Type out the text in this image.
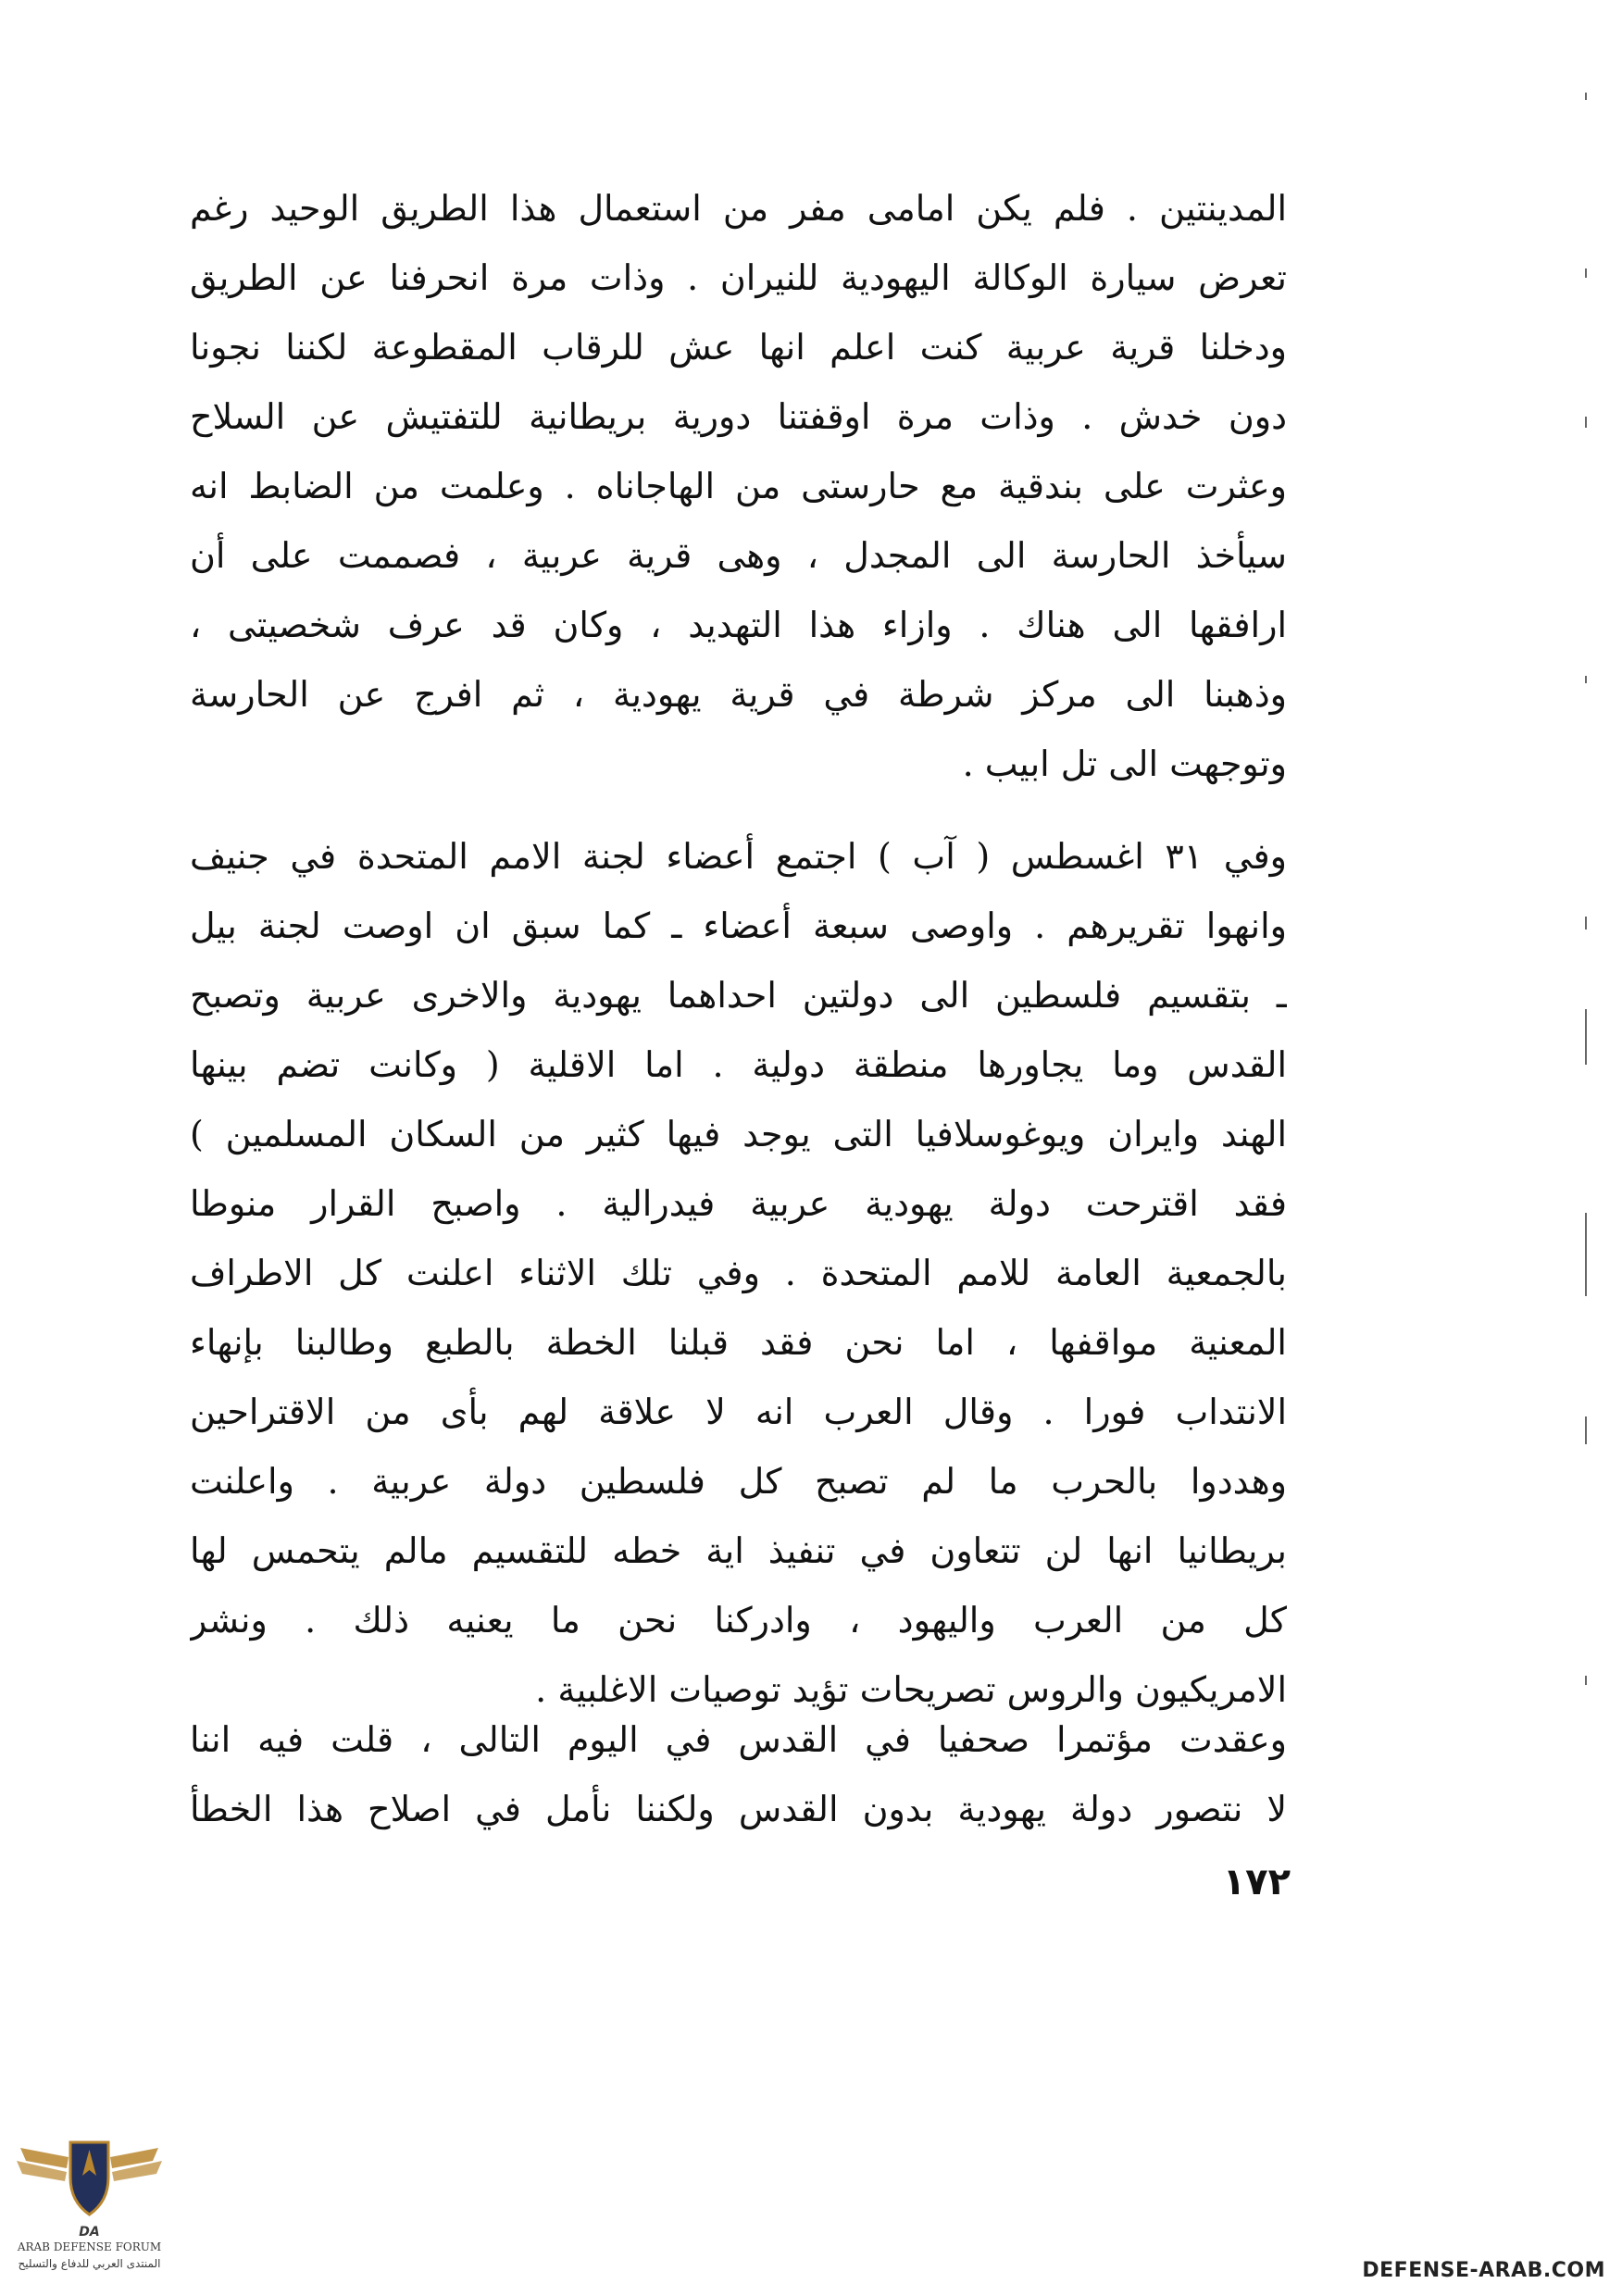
المدينتين . فلم يكن امامى مفر من استعمال هذا الطريق الوحيد رغم
تعرض سيارة الوكالة اليهودية للنيران . وذات مرة انحرفنا عن الطريق
ودخلنا قرية عربية كنت اعلم انها عش للرقاب المقطوعة لكننا نجونا
دون خدش . وذات مرة اوقفتنا دورية بريطانية للتفتيش عن السلاح
وعثرت على بندقية مع حارستى من الهاجاناه . وعلمت من الضابط انه
سيأخذ الحارسة الى المجدل ، وهى قرية عربية ، فصممت على أن
ارافقها الى هناك . وازاء هذا التهديد ، وكان قد عرف شخصيتى ،
وذهبنا الى مركز شرطة في قرية يهودية ، ثم افرج عن الحارسة
وتوجهت الى تل ابيب .
وفي ٣١ اغسطس ( آب ) اجتمع أعضاء لجنة الامم المتحدة في جنيف
وانهوا تقريرهم . واوصى سبعة أعضاء ـ كما سبق ان اوصت لجنة بيل
ـ بتقسيم فلسطين الى دولتين احداهما يهودية والاخرى عربية وتصبح
القدس وما يجاورها منطقة دولية . اما الاقلية ( وكانت تضم بينها
الهند وايران ويوغوسلافيا التى يوجد فيها كثير من السكان المسلمين )
فقد اقترحت دولة يهودية عربية فيدرالية . واصبح القرار منوطا
بالجمعية العامة للامم المتحدة . وفي تلك الاثناء اعلنت كل الاطراف
المعنية مواقفها ، اما نحن فقد قبلنا الخطة بالطبع وطالبنا بإنهاء
الانتداب فورا . وقال العرب انه لا علاقة لهم بأى من الاقتراحين
وهددوا بالحرب ما لم تصبح كل فلسطين دولة عربية . واعلنت
بريطانيا انها لن تتعاون في تنفيذ اية خطه للتقسيم مالم يتحمس لها
كل من العرب واليهود ، وادركنا نحن ما يعنيه ذلك . ونشر
الامريكيون والروس تصريحات تؤيد توصيات الاغلبية .
وعقدت مؤتمرا صحفيا في القدس في اليوم التالى ، قلت فيه اننا
لا نتصور دولة يهودية بدون القدس ولكننا نأمل في اصلاح هذا الخطأ
١٧٢
DA
ARAB DEFENSE FORUM
المنتدى العربي للدفاع والتسليح	DEFENSE-ARAB.COM
